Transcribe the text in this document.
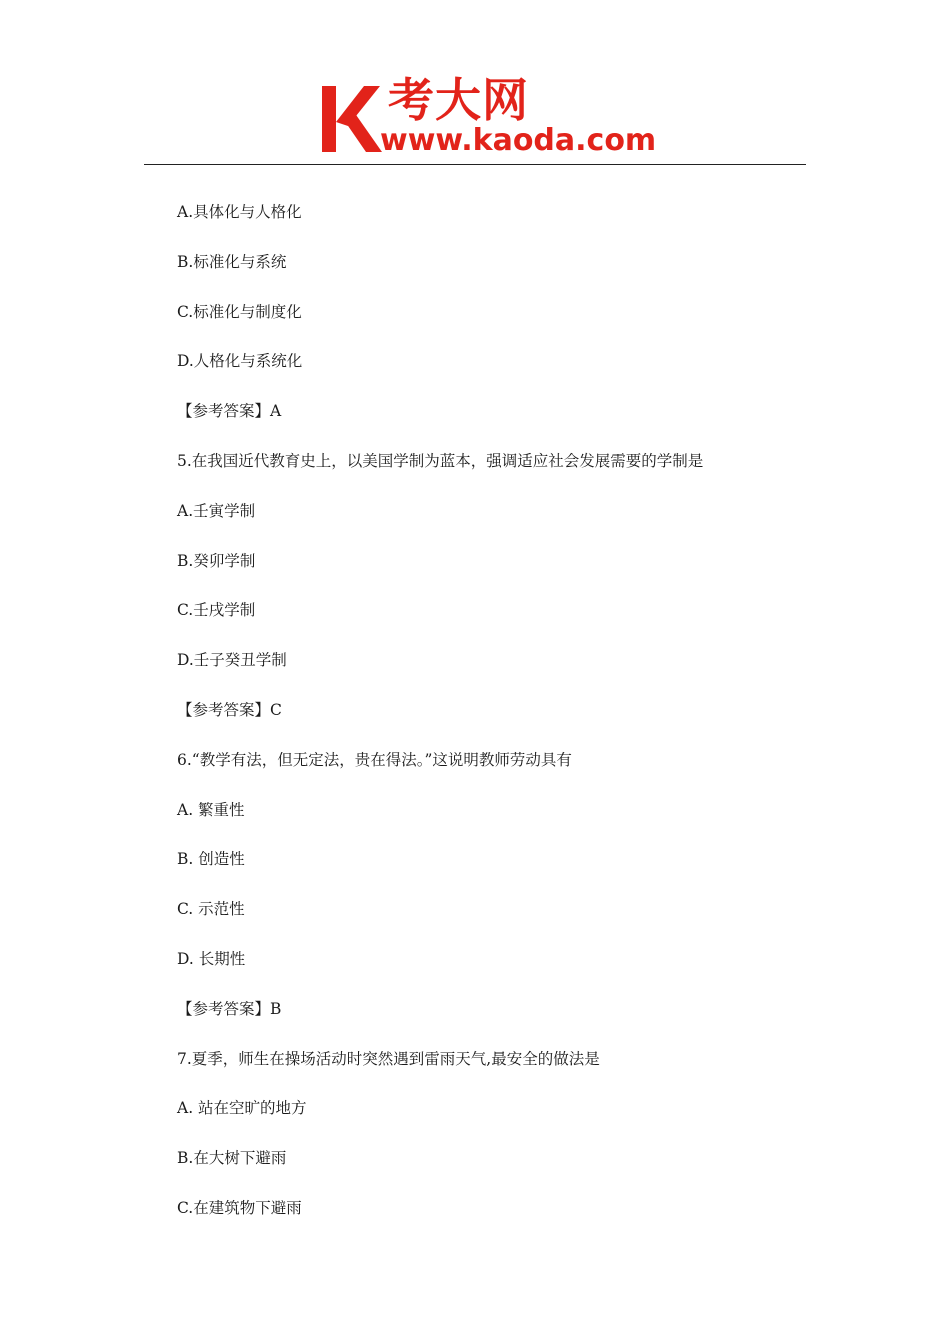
考大网
www.kaoda.com
A.具体化与人格化
B.标准化与系统
C.标准化与制度化
D.人格化与系统化
【参考答案】A
5.在我国近代教育史上，以美国学制为蓝本，强调适应社会发展需要的学制是
A.壬寅学制
B.癸卯学制
C.壬戌学制
D.壬子癸丑学制
【参考答案】C
6.“教学有法，但无定法，贵在得法。”这说明教师劳动具有
A. 繁重性
B. 创造性
C. 示范性
D. 长期性
【参考答案】B
7.夏季，师生在操场活动时突然遇到雷雨天气,最安全的做法是
A. 站在空旷的地方
B.在大树下避雨
C.在建筑物下避雨
